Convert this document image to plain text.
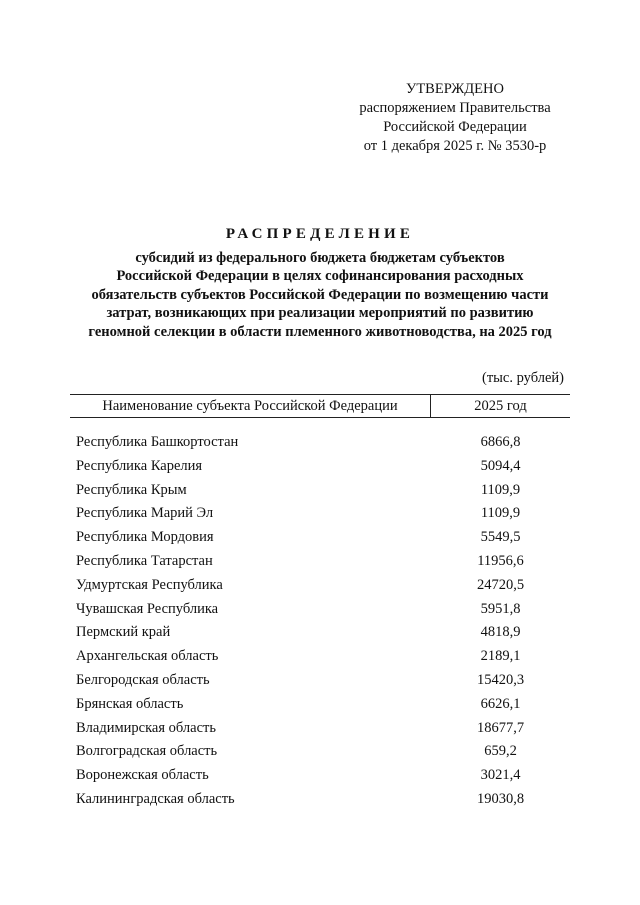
УТВЕРЖДЕНО
распоряжением Правительства
Российской Федерации
от 1 декабря 2025 г. № 3530-р
РАСПРЕДЕЛЕНИЕ
субсидий из федерального бюджета бюджетам субъектов
Российской Федерации в целях софинансирования расходных
обязательств субъектов Российской Федерации по возмещению части
затрат, возникающих при реализации мероприятий по развитию
геномной селекции в области племенного животноводства, на 2025 год
(тыс. рублей)
Наименование субъекта Российской Федерации	2025 год
Республика Башкортостан	6866,8
Республика Карелия	5094,4
Республика Крым	1109,9
Республика Марий Эл	1109,9
Республика Мордовия	5549,5
Республика Татарстан	11956,6
Удмуртская Республика	24720,5
Чувашская Республика	5951,8
Пермский край	4818,9
Архангельская область	2189,1
Белгородская область	15420,3
Брянская область	6626,1
Владимирская область	18677,7
Волгоградская область	659,2
Воронежская область	3021,4
Калининградская область	19030,8
